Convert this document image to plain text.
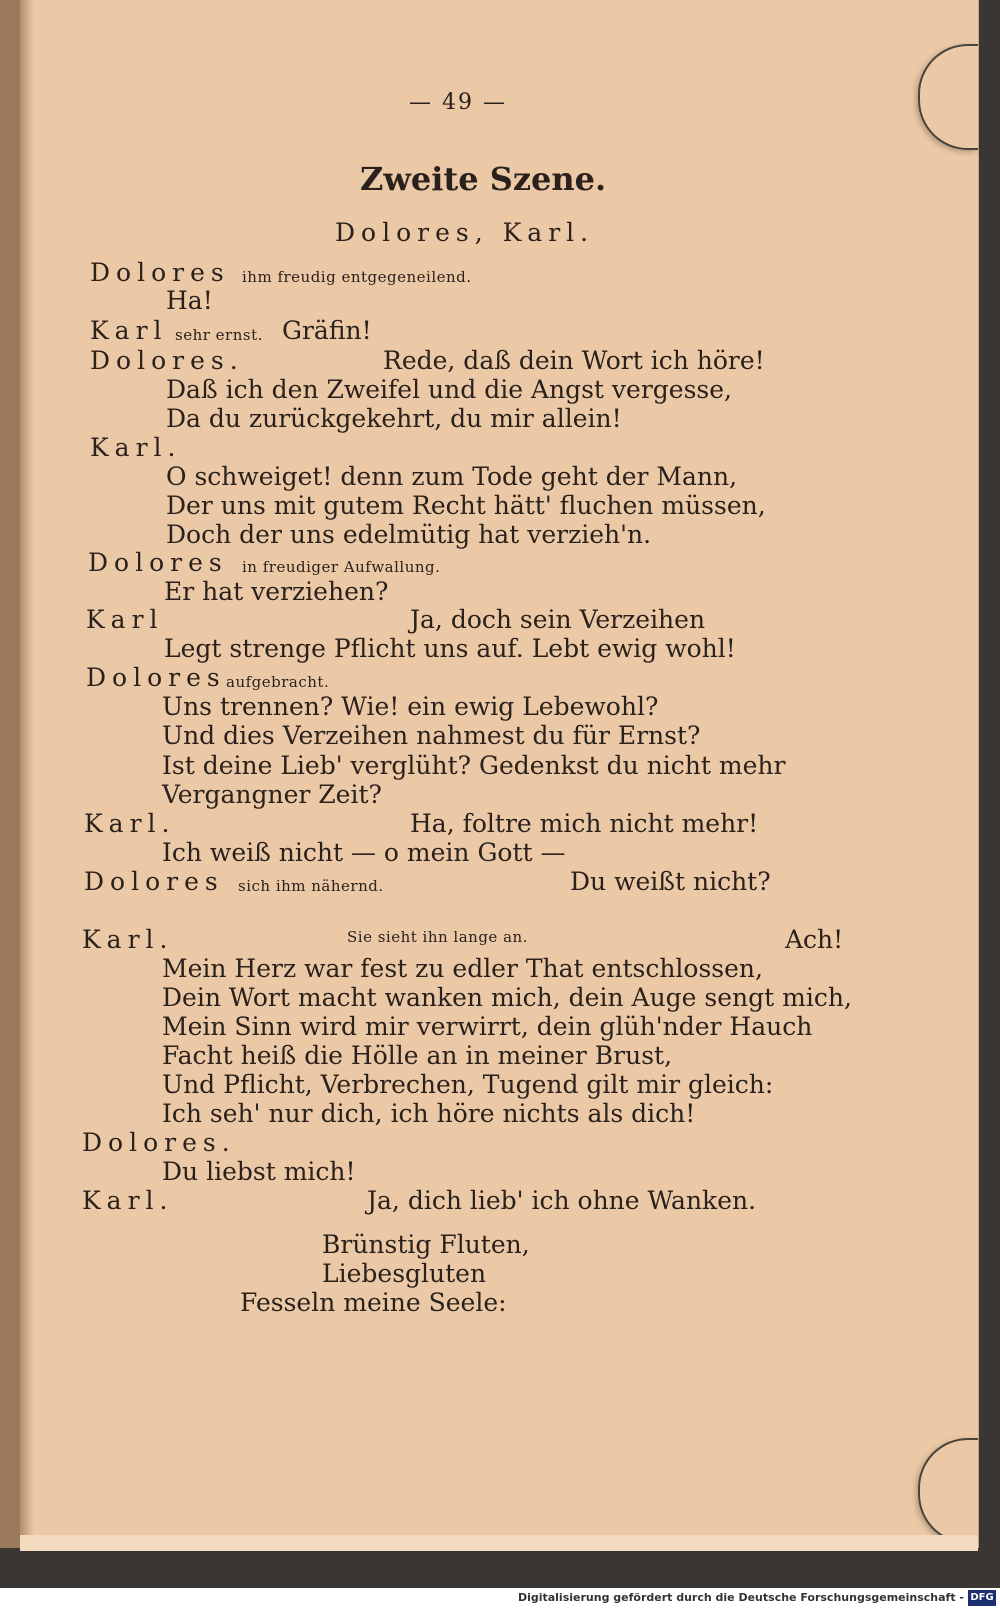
— 49 —
Zweite Szene.
Dolores, Karl.
Dolores ihm freudig entgegeneilend.
Ha!
Karl sehr ernst. Gräfin!
Dolores.	Rede, daß dein Wort ich höre!
Daß ich den Zweifel und die Angst vergesse,
Da du zurückgekehrt, du mir allein!
Karl.
O schweiget! denn zum Tode geht der Mann,
Der uns mit gutem Recht hätt' fluchen müssen,
Doch der uns edelmütig hat verzieh'n.
Dolores in freudiger Aufwallung.
Er hat verziehen?
Karl	Ja, doch sein Verzeihen
Legt strenge Pflicht uns auf. Lebt ewig wohl!
Dolores aufgebracht.
Uns trennen? Wie! ein ewig Lebewohl?
Und dies Verzeihen nahmest du für Ernst?
Ist deine Lieb' verglüht? Gedenkst du nicht mehr
Vergangner Zeit?
Karl.	Ha, foltre mich nicht mehr!
Ich weiß nicht — o mein Gott —
Dolores sich ihm nähernd.	Du weißt nicht?
Sie sieht ihn lange an.
Karl.	Ach!
Mein Herz war fest zu edler That entschlossen,
Dein Wort macht wanken mich, dein Auge sengt mich,
Mein Sinn wird mir verwirrt, dein glüh'nder Hauch
Facht heiß die Hölle an in meiner Brust,
Und Pflicht, Verbrechen, Tugend gilt mir gleich:
Ich seh' nur dich, ich höre nichts als dich!
Dolores.
Du liebst mich!
Karl.	Ja, dich lieb' ich ohne Wanken.
Brünstig Fluten,
Liebesgluten
Fesseln meine Seele:
Digitalisierung gefördert durch die Deutsche Forschungsgemeinschaft - DFG
